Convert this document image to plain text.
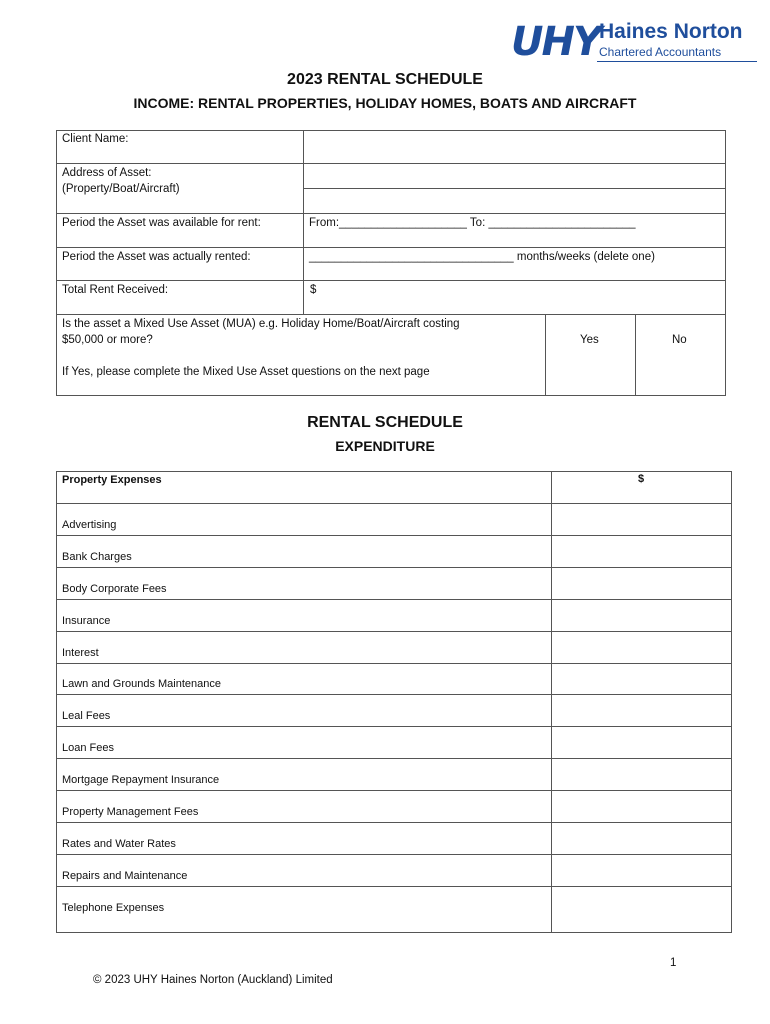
UHY Haines Norton
Chartered Accountants
2023 RENTAL SCHEDULE
INCOME: RENTAL PROPERTIES, HOLIDAY HOMES, BOATS AND AIRCRAFT
Client Name:
Address of Asset:
(Property/Boat/Aircraft)
Period the Asset was available for rent:	From:____________________ To: _______________________
Period the Asset was actually rented:	________________________________ months/weeks (delete one)
Total Rent Received:	$
Is the asset a Mixed Use Asset (MUA) e.g. Holiday Home/Boat/Aircraft costing
$50,000 or more?
If Yes, please complete the Mixed Use Asset questions on the next page
Yes	No
RENTAL SCHEDULE
EXPENDITURE
Property Expenses	$
Advertising
Bank Charges
Body Corporate Fees
Insurance
Interest
Lawn and Grounds Maintenance
Leal Fees
Loan Fees
Mortgage Repayment Insurance
Property Management Fees
Rates and Water Rates
Repairs and Maintenance
Telephone Expenses
1
© 2023 UHY Haines Norton (Auckland) Limited
